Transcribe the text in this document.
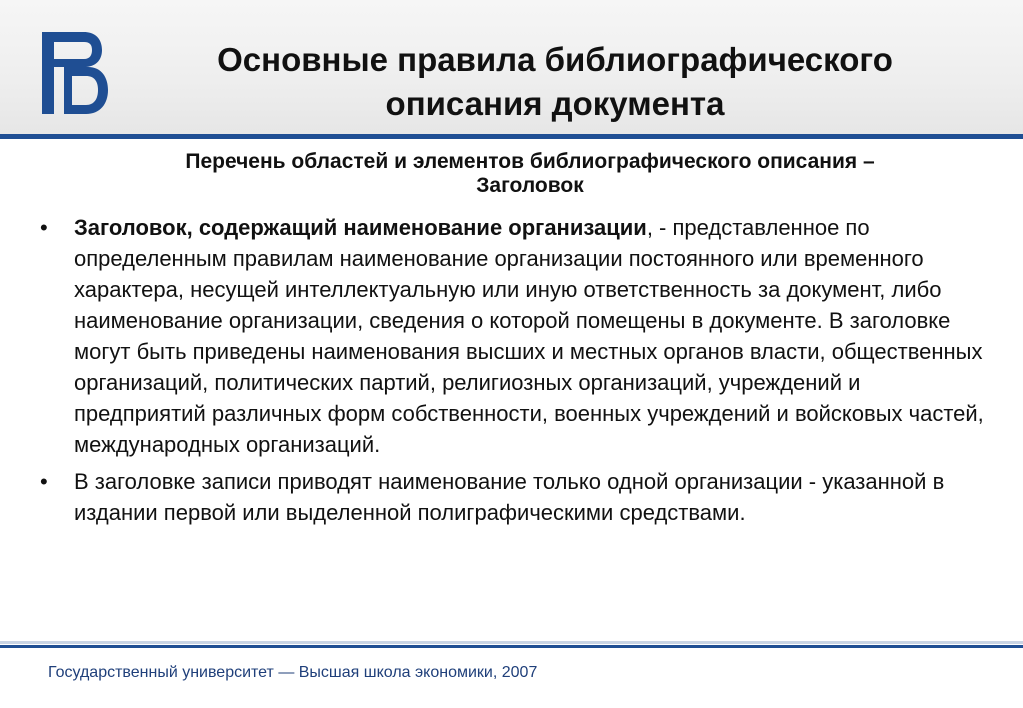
Основные правила библиографического
описания документа
Перечень областей и элементов библиографического описания –
Заголовок
• Заголовок, содержащий наименование организации, - представленное по определенным правилам наименование организации постоянного или временного характера, несущей интеллектуальную или иную ответственность за документ, либо наименование организации, сведения о которой помещены в документе. В заголовке могут быть приведены наименования высших и местных органов власти, общественных организаций, политических партий, религиозных организаций, учреждений и предприятий различных форм собственности, военных учреждений и войсковых частей, международных организаций.
• В заголовке записи приводят наименование только одной организации - указанной в издании первой или выделенной полиграфическими средствами.
Государственный университет — Высшая школа экономики, 2007
